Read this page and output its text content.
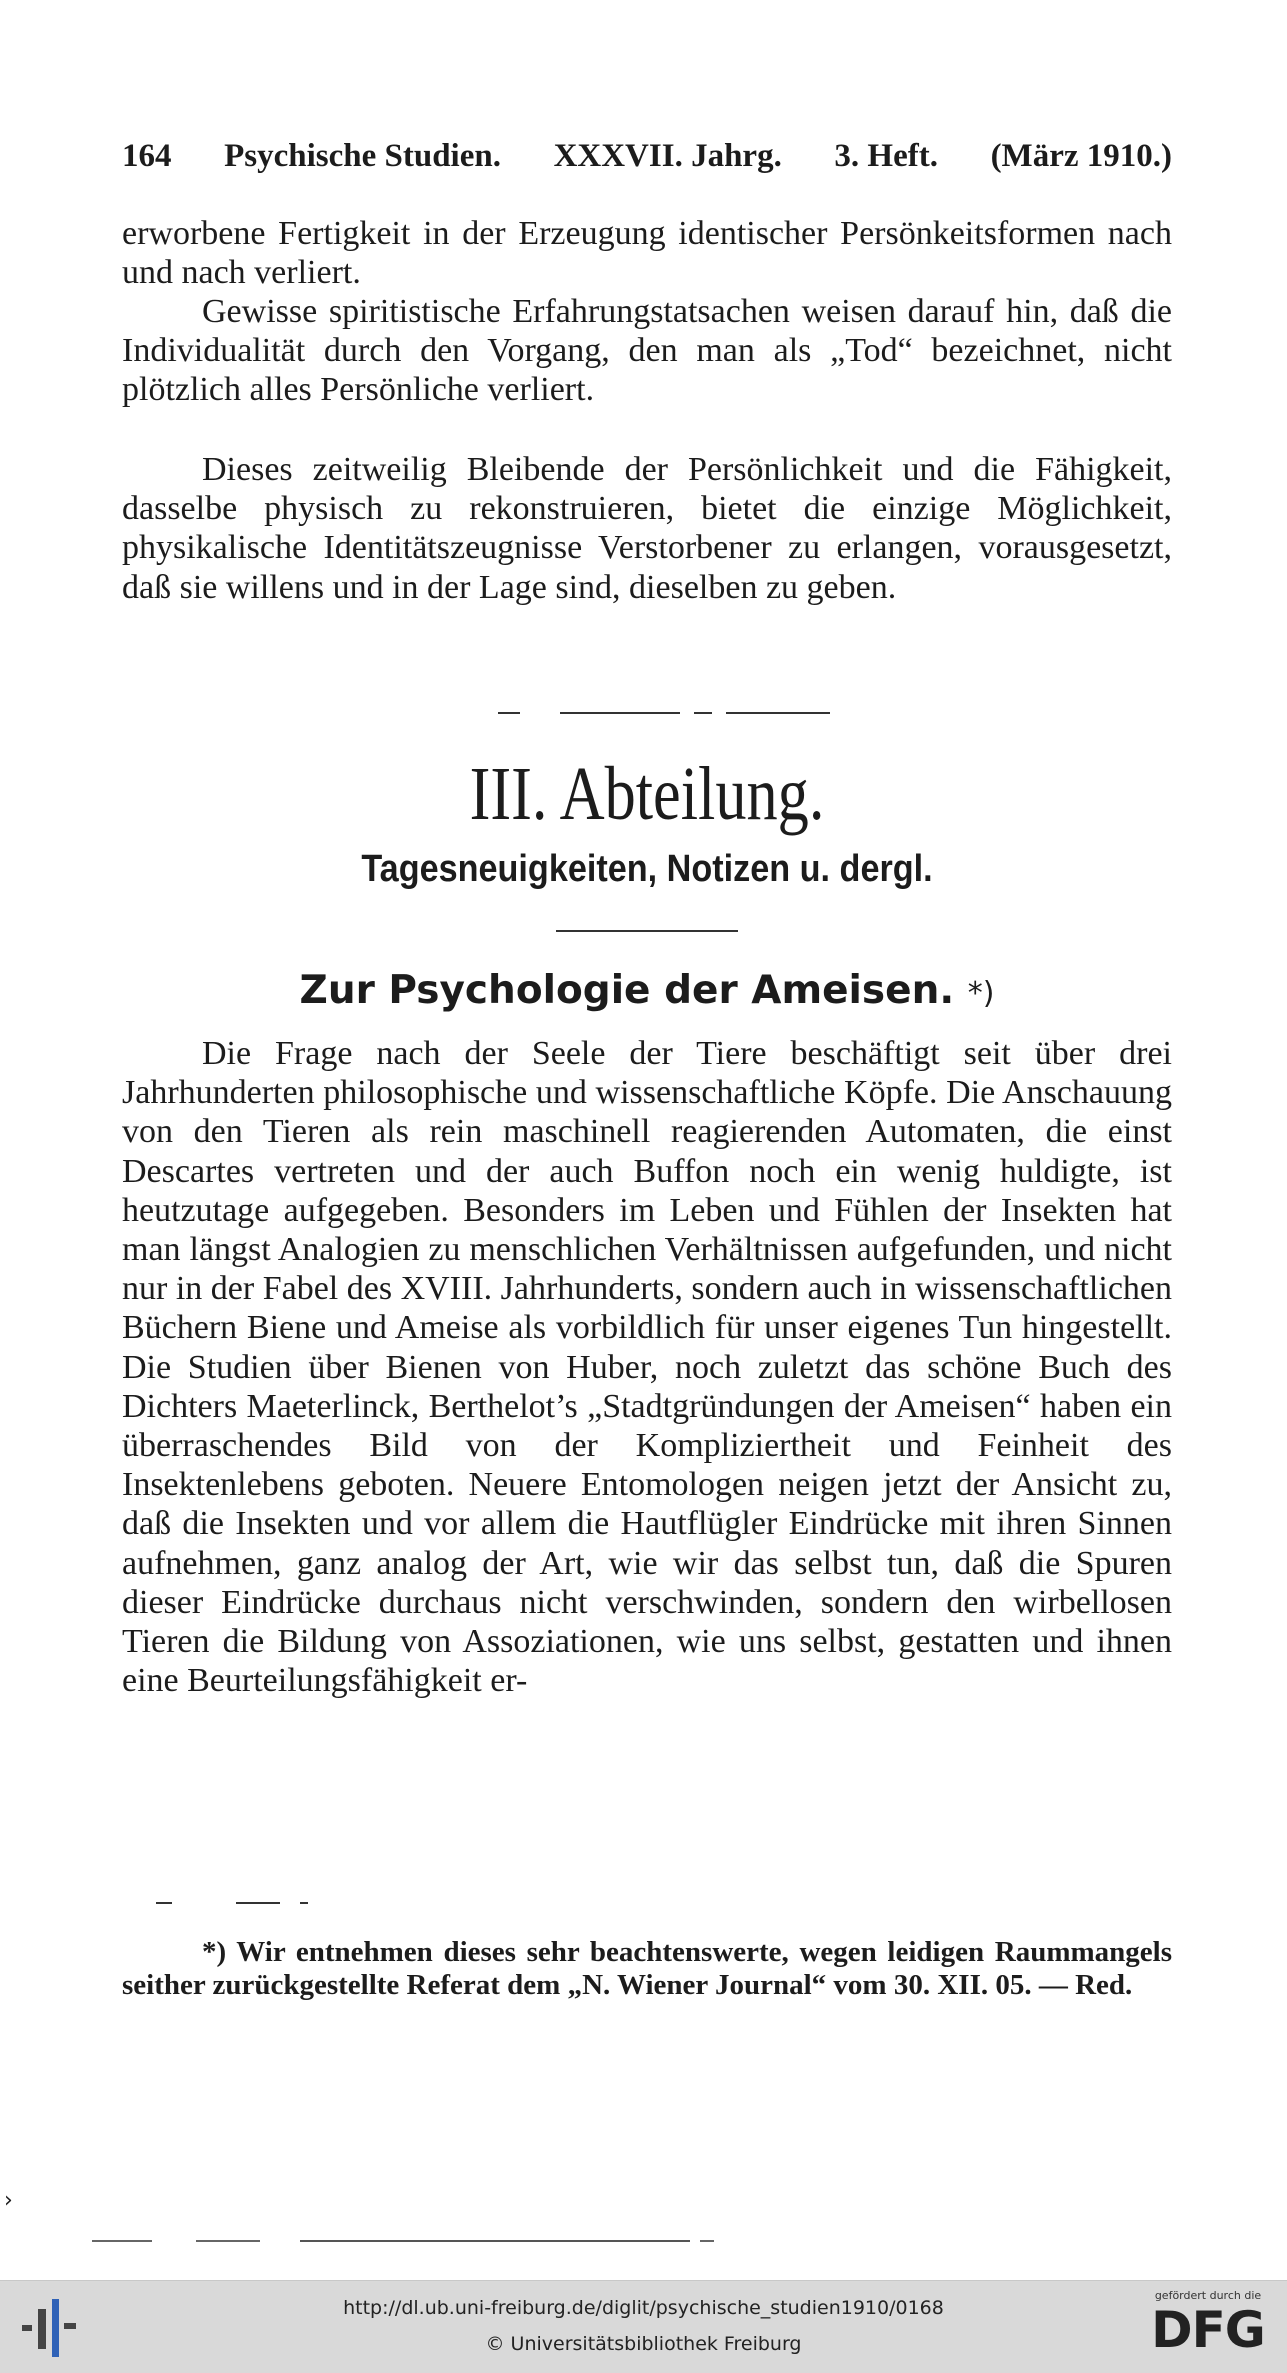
164 Psychische Studien. XXXVII. Jahrg. 3. Heft. (März 1910.)

erworbene Fertigkeit in der Erzeugung identischer Persönkeitsformen nach und nach verliert.

Gewisse spiritistische Erfahrungstatsachen weisen darauf hin, daß die Individualität durch den Vorgang, den man als „Tod“ bezeichnet, nicht plötzlich alles Persönliche verliert.

Dieses zeitweilig Bleibende der Persönlichkeit und die Fähigkeit, dasselbe physisch zu rekonstruieren, bietet die einzige Möglichkeit, physikalische Identitätszeugnisse Verstorbener zu erlangen, vorausgesetzt, daß sie willens und in der Lage sind, dieselben zu geben.

III. Abteilung.
Tagesneuigkeiten, Notizen u. dergl.
Zur Psychologie der Ameisen. *)

Die Frage nach der Seele der Tiere beschäftigt seit über drei Jahrhunderten philosophische und wissenschaftliche Köpfe. Die Anschauung von den Tieren als rein maschinell reagierenden Automaten, die einst Descartes vertreten und der auch Buffon noch ein wenig huldigte, ist heutzutage aufgegeben. Besonders im Leben und Fühlen der Insekten hat man längst Analogien zu menschlichen Verhältnissen aufgefunden, und nicht nur in der Fabel des XVIII. Jahrhunderts, sondern auch in wissenschaftlichen Büchern Biene und Ameise als vorbildlich für unser eigenes Tun hingestellt. Die Studien über Bienen von Huber, noch zuletzt das schöne Buch des Dichters Maeterlinck, Berthelot’s „Stadtgründungen der Ameisen“ haben ein überraschendes Bild von der Kompliziertheit und Feinheit des Insektenlebens geboten. Neuere Entomologen neigen jetzt der Ansicht zu, daß die Insekten und vor allem die Hautflügler Eindrücke mit ihren Sinnen aufnehmen, ganz analog der Art, wie wir das selbst tun, daß die Spuren dieser Eindrücke durchaus nicht verschwinden, sondern den wirbellosen Tieren die Bildung von Assoziationen, wie uns selbst, gestatten und ihnen eine Beurteilungsfähigkeit er-

*) Wir entnehmen dieses sehr beachtenswerte, wegen leidigen Raummangels seither zurückgestellte Referat dem „N. Wiener Journal“ vom 30. XII. 05. — Red.

›
http://dl.ub.uni-freiburg.de/diglit/psychische_studien1910/0168
© Universitätsbibliothek Freiburg
gefördert durch die
DFG
